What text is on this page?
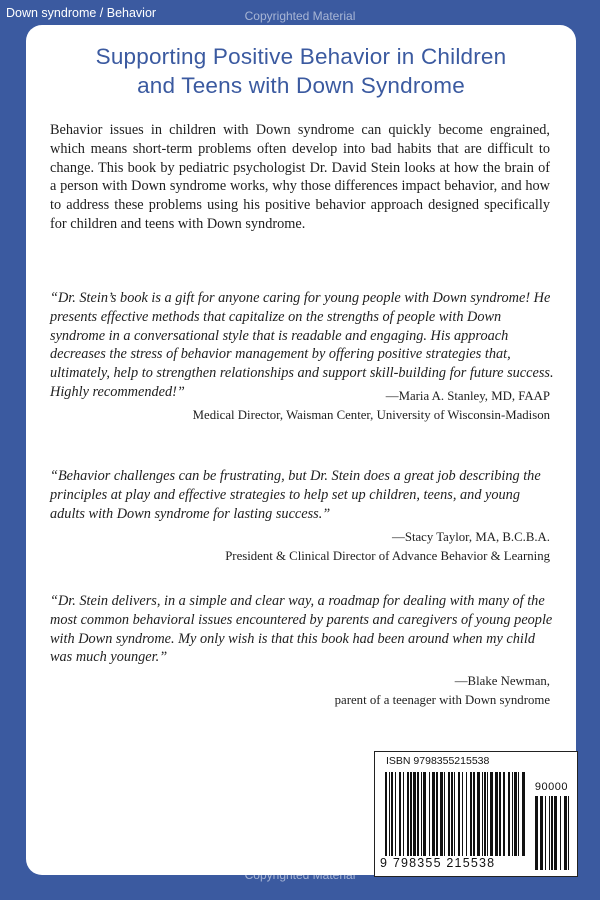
Down syndrome / Behavior	Copyrighted Material
Supporting Positive Behavior in Children
and Teens with Down Syndrome
Behavior issues in children with Down syndrome can quickly become engrained, which means short-term problems often develop into bad habits that are difficult to change. This book by pediatric psychologist Dr. David Stein looks at how the brain of a person with Down syndrome works, why those differences impact behavior, and how to address these problems using his positive behavior approach designed specifically for children and teens with Down syndrome.
“Dr. Stein’s book is a gift for anyone caring for young people with Down syndrome! He presents effective methods that capitalize on the strengths of people with Down syndrome in a conversational style that is readable and engaging. His approach decreases the stress of behavior management by offering positive strategies that, ultimately, help to strengthen relationships and support skill-building for future success. Highly recommended!”	—Maria A. Stanley, MD, FAAP
Medical Director, Waisman Center, University of Wisconsin-Madison
“Behavior challenges can be frustrating, but Dr. Stein does a great job describing the principles at play and effective strategies to help set up children, teens, and young adults with Down syndrome for lasting success.”
—Stacy Taylor, MA, B.C.B.A.
President & Clinical Director of Advance Behavior & Learning
“Dr. Stein delivers, in a simple and clear way, a roadmap for dealing with many of the most common behavioral issues encountered by parents and caregivers of young people with Down syndrome. My only wish is that this book had been around when my child was much younger.”
—Blake Newman,
parent of a teenager with Down syndrome
ISBN 9798355215538
90000
9 798355 215538
Copyrighted Material
